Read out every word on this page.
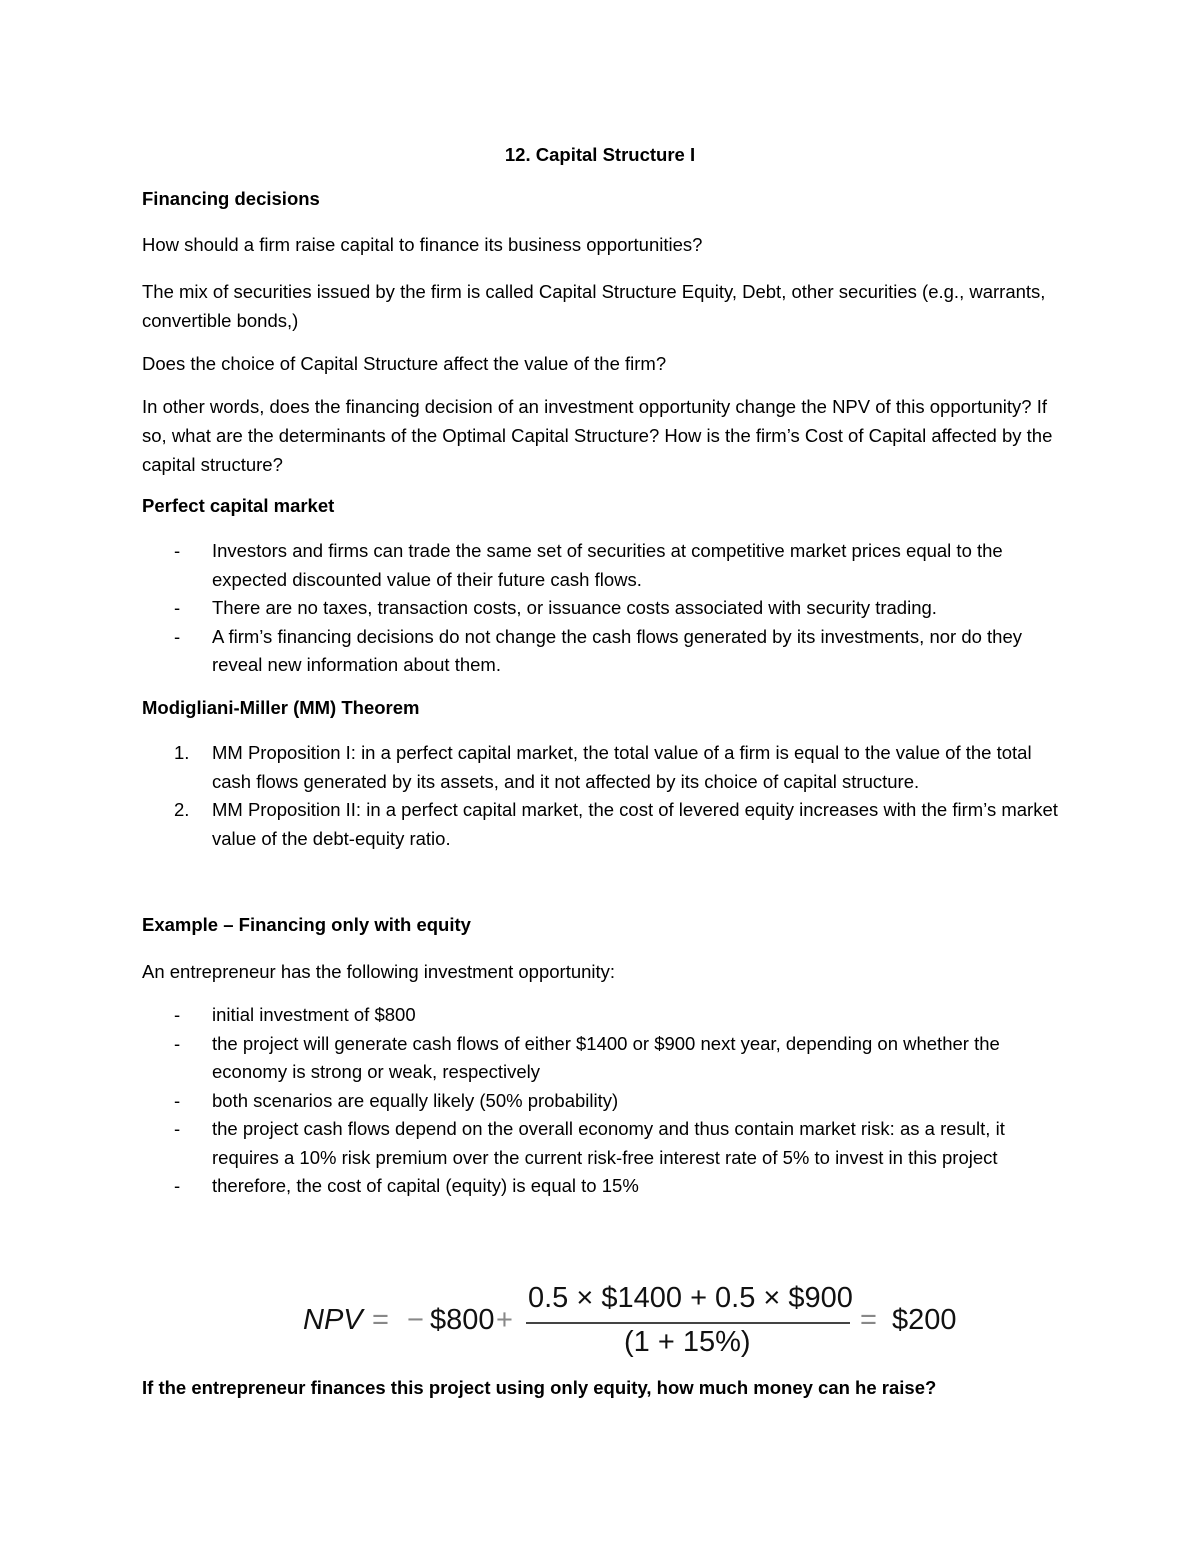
12. Capital Structure I

Financing decisions

How should a firm raise capital to finance its business opportunities?

The mix of securities issued by the firm is called Capital Structure Equity, Debt, other securities (e.g., warrants, convertible bonds,)

Does the choice of Capital Structure affect the value of the firm?

In other words, does the financing decision of an investment opportunity change the NPV of this opportunity? If so, what are the determinants of the Optimal Capital Structure? How is the firm’s Cost of Capital affected by the capital structure?

Perfect capital market

- Investors and firms can trade the same set of securities at competitive market prices equal to the expected discounted value of their future cash flows.
- There are no taxes, transaction costs, or issuance costs associated with security trading.
- A firm’s financing decisions do not change the cash flows generated by its investments, nor do they reveal new information about them.

Modigliani-Miller (MM) Theorem

1. MM Proposition I: in a perfect capital market, the total value of a firm is equal to the value of the total cash flows generated by its assets, and it not affected by its choice of capital structure.
2. MM Proposition II: in a perfect capital market, the cost of levered equity increases with the firm’s market value of the debt-equity ratio.

Example – Financing only with equity

An entrepreneur has the following investment opportunity:

- initial investment of $800
- the project will generate cash flows of either $1400 or $900 next year, depending on whether the economy is strong or weak, respectively
- both scenarios are equally likely (50% probability)
- the project cash flows depend on the overall economy and thus contain market risk: as a result, it requires a 10% risk premium over the current risk-free interest rate of 5% to invest in this project
- therefore, the cost of capital (equity) is equal to 15%
NPV = − $800 +
0.5 × $1400 + 0.5 × $900
(1 + 15%)
= $200

If the entrepreneur finances this project using only equity, how much money can he raise?
